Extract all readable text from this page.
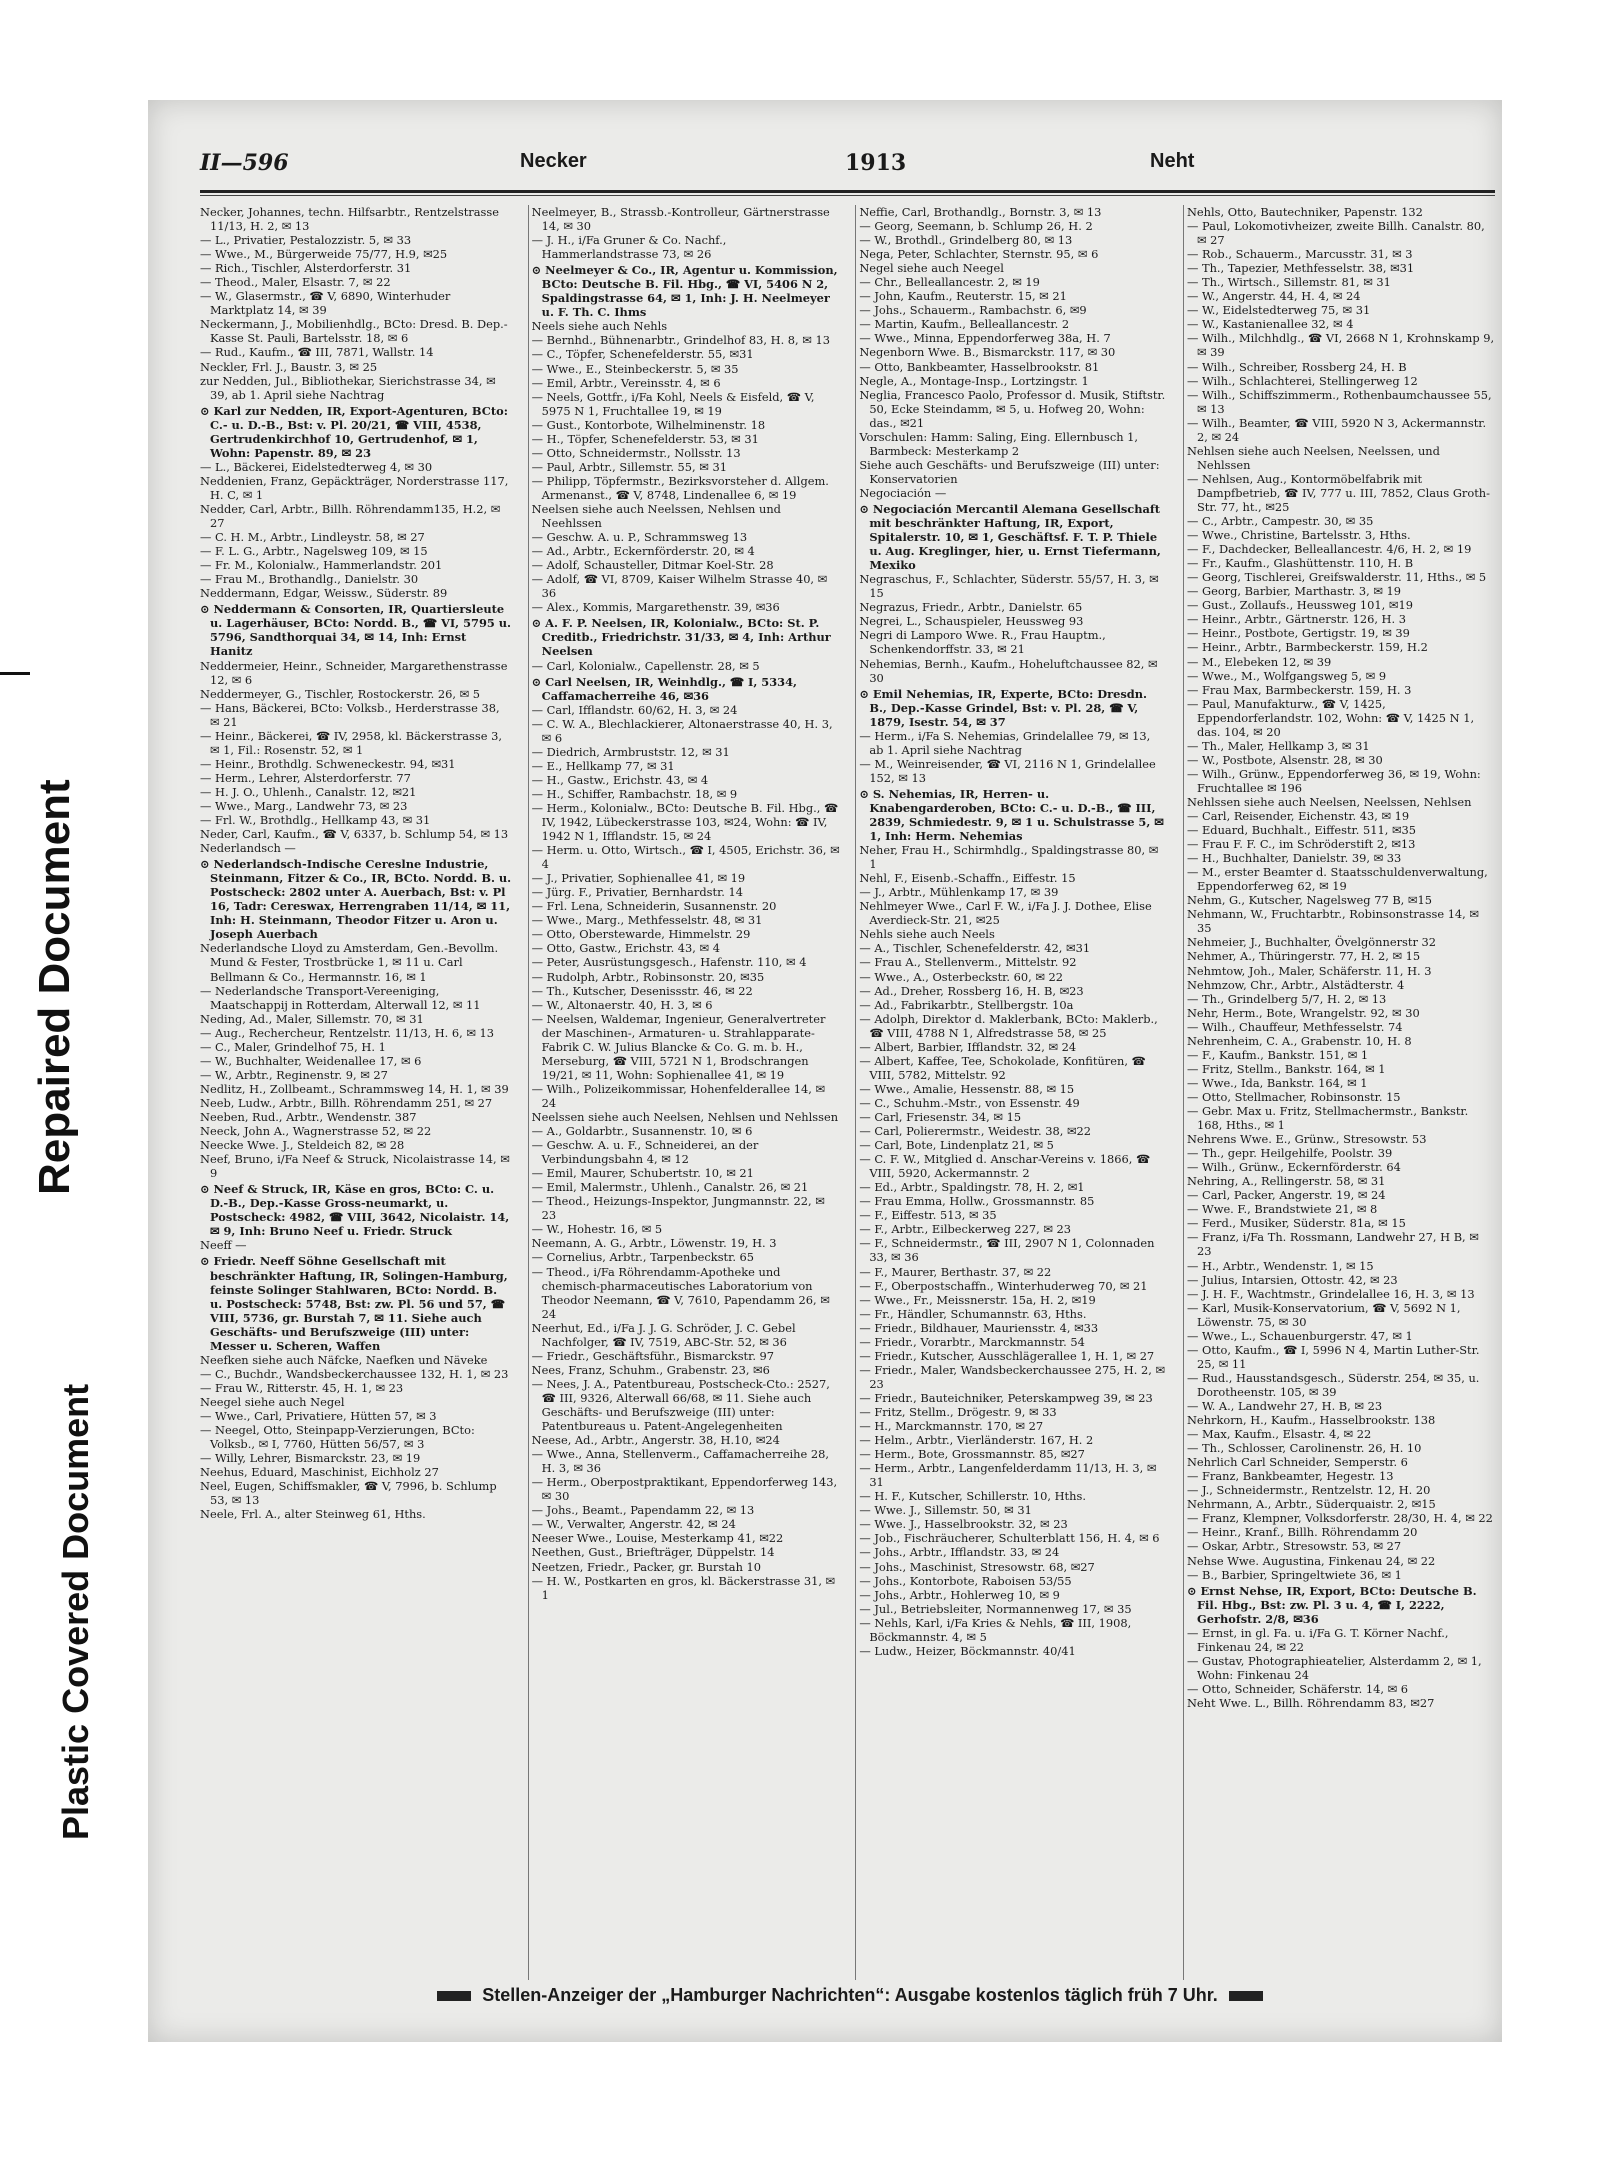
Repaired Document
Plastic Covered Document
II—596	Necker	1913	Neht

Necker, Johannes, techn. Hilfsarbtr., Rentzelstrasse 11/13, H. 2, ✉ 13

— L., Privatier, Pestalozzistr. 5, ✉ 33

— Wwe., M., Bürgerweide 75/77, H.9, ✉25

— Rich., Tischler, Alsterdorferstr. 31

— Theod., Maler, Elsastr. 7, ✉ 22

— W., Glasermstr., ☎ V, 6890, Winterhuder Marktplatz 14, ✉ 39

Neckermann, J., Mobilienhdlg., BCto: Dresd. B. Dep.-Kasse St. Pauli, Bartelsstr. 18, ✉ 6

— Rud., Kaufm., ☎ III, 7871, Wallstr. 14

Neckler, Frl. J., Baustr. 3, ✉ 25

zur Nedden, Jul., Bibliothekar, Sierichstrasse 34, ✉ 39, ab 1. April siehe Nachtrag

⊙ Karl zur Nedden, IR, Export-Agenturen, BCto: C.- u. D.-B., Bst: v. Pl. 20/21, ☎ VIII, 4538, Gertrudenkirchhof 10, Gertrudenhof, ✉ 1, Wohn: Papenstr. 89, ✉ 23

— L., Bäckerei, Eidelstedterweg 4, ✉ 30

Neddenien, Franz, Gepäckträger, Norderstrasse 117, H. C, ✉ 1

Nedder, Carl, Arbtr., Billh. Röhrendamm135, H.2, ✉ 27

— C. H. M., Arbtr., Lindleystr. 58, ✉ 27

— F. L. G., Arbtr., Nagelsweg 109, ✉ 15

— Fr. M., Kolonialw., Hammerlandstr. 201

— Frau M., Brothandlg., Danielstr. 30

Neddermann, Edgar, Weissw., Süderstr. 89

⊙ Neddermann & Consorten, IR, Quartiersleute u. Lagerhäuser, BCto: Nordd. B., ☎ VI, 5795 u. 5796, Sandthorquai 34, ✉ 14, Inh: Ernst Hanitz

Neddermeier, Heinr., Schneider, Margarethenstrasse 12, ✉ 6

Neddermeyer, G., Tischler, Rostockerstr. 26, ✉ 5

— Hans, Bäckerei, BCto: Volksb., Herderstrasse 38, ✉ 21

— Heinr., Bäckerei, ☎ IV, 2958, kl. Bäckerstrasse 3, ✉ 1, Fil.: Rosenstr. 52, ✉ 1

— Heinr., Brothdlg. Schweneckestr. 94, ✉31

— Herm., Lehrer, Alsterdorferstr. 77

— H. J. O., Uhlenh., Canalstr. 12, ✉21

— Wwe., Marg., Landwehr 73, ✉ 23

— Frl. W., Brothdlg., Hellkamp 43, ✉ 31

Neder, Carl, Kaufm., ☎ V, 6337, b. Schlump 54, ✉ 13

Nederlandsch —

⊙ Nederlandsch-Indische Cereslne Industrie, Steinmann, Fitzer & Co., IR, BCto. Nordd. B. u. Postscheck: 2802 unter A. Auerbach, Bst: v. Pl 16, Tadr: Cereswax, Herrengraben 11/14, ✉ 11, Inh: H. Steinmann, Theodor Fitzer u. Aron u. Joseph Auerbach

Nederlandsche Lloyd zu Amsterdam, Gen.-Bevollm. Mund & Fester, Trostbrücke 1, ✉ 11 u. Carl Bellmann & Co., Hermannstr. 16, ✉ 1

— Nederlandsche Transport-Vereeniging, Maatschappij in Rotterdam, Alterwall 12, ✉ 11

Neding, Ad., Maler, Sillemstr. 70, ✉ 31

— Aug., Rechercheur, Rentzelstr. 11/13, H. 6, ✉ 13

— C., Maler, Grindelhof 75, H. 1

— W., Buchhalter, Weidenallee 17, ✉ 6

— W., Arbtr., Reginenstr. 9, ✉ 27

Nedlitz, H., Zollbeamt., Schrammsweg 14, H. 1, ✉ 39

Neeb, Ludw., Arbtr., Billh. Röhrendamm 251, ✉ 27

Neeben, Rud., Arbtr., Wendenstr. 387

Neeck, John A., Wagnerstrasse 52, ✉ 22

Neecke Wwe. J., Steldeich 82, ✉ 28

Neef, Bruno, i/Fa Neef & Struck, Nicolaistrasse 14, ✉ 9

⊙ Neef & Struck, IR, Käse en gros, BCto: C. u. D.-B., Dep.-Kasse Gross-neumarkt, u. Postscheck: 4982, ☎ VIII, 3642, Nicolaistr. 14, ✉ 9, Inh: Bruno Neef u. Friedr. Struck

Neeff —

⊙ Friedr. Neeff Söhne Gesellschaft mit beschränkter Haftung, IR, Solingen-Hamburg, feinste Solinger Stahlwaren, BCto: Nordd. B. u. Postscheck: 5748, Bst: zw. Pl. 56 und 57, ☎ VIII, 5736, gr. Burstah 7, ✉ 11. Siehe auch Geschäfts- und Berufszweige (III) unter: Messer u. Scheren, Waffen

Neefken siehe auch Näfcke, Naefken und Näveke

— C., Buchdr., Wandsbeckerchaussee 132, H. 1, ✉ 23

— Frau W., Ritterstr. 45, H. 1, ✉ 23

Neegel siehe auch Negel

— Wwe., Carl, Privatiere, Hütten 57, ✉ 3

— Neegel, Otto, Steinpapp-Verzierungen, BCto: Volksb., ✉ I, 7760, Hütten 56/57, ✉ 3

— Willy, Lehrer, Bismarckstr. 23, ✉ 19

Neehus, Eduard, Maschinist, Eichholz 27

Neel, Eugen, Schiffsmakler, ☎ V, 7996, b. Schlump 53, ✉ 13

Neele, Frl. A., alter Steinweg 61, Hths.

Neelmeyer, B., Strassb.-Kontrolleur, Gärtnerstrasse 14, ✉ 30

— J. H., i/Fa Gruner & Co. Nachf., Hammerlandstrasse 73, ✉ 26

⊙ Neelmeyer & Co., IR, Agentur u. Kommission, BCto: Deutsche B. Fil. Hbg., ☎ VI, 5406 N 2, Spaldingstrasse 64, ✉ 1, Inh: J. H. Neelmeyer u. F. Th. C. Ihms

Neels siehe auch Nehls

— Bernhd., Bühnenarbtr., Grindelhof 83, H. 8, ✉ 13

— C., Töpfer, Schenefelderstr. 55, ✉31

— Wwe., E., Steinbeckerstr. 5, ✉ 35

— Emil, Arbtr., Vereinsstr. 4, ✉ 6

— Neels, Gottfr., i/Fa Kohl, Neels & Eisfeld, ☎ V, 5975 N 1, Fruchtallee 19, ✉ 19

— Gust., Kontorbote, Wilhelminenstr. 18

— H., Töpfer, Schenefelderstr. 53, ✉ 31

— Otto, Schneidermstr., Nollsstr. 13

— Paul, Arbtr., Sillemstr. 55, ✉ 31

— Philipp, Töpfermstr., Bezirksvorsteher d. Allgem. Armenanst., ☎ V, 8748, Lindenallee 6, ✉ 19

Neelsen siehe auch Neelssen, Nehlsen und Neehlssen

— Geschw. A. u. P., Schrammsweg 13

— Ad., Arbtr., Eckernförderstr. 20, ✉ 4

— Adolf, Schausteller, Ditmar Koel-Str. 28

— Adolf, ☎ VI, 8709, Kaiser Wilhelm Strasse 40, ✉ 36

— Alex., Kommis, Margarethenstr. 39, ✉36

⊙ A. F. P. Neelsen, IR, Kolonialw., BCto: St. P. Creditb., Friedrichstr. 31/33, ✉ 4, Inh: Arthur Neelsen

— Carl, Kolonialw., Capellenstr. 28, ✉ 5

⊙ Carl Neelsen, IR, Weinhdlg., ☎ I, 5334, Caffamacherreihe 46, ✉36

— Carl, Ifflandstr. 60/62, H. 3, ✉ 24

— C. W. A., Blechlackierer, Altonaerstrasse 40, H. 3, ✉ 6

— Diedrich, Armbruststr. 12, ✉ 31

— E., Hellkamp 77, ✉ 31

— H., Gastw., Erichstr. 43, ✉ 4

— H., Schiffer, Rambachstr. 18, ✉ 9

— Herm., Kolonialw., BCto: Deutsche B. Fil. Hbg., ☎ IV, 1942, Lübeckerstrasse 103, ✉24, Wohn: ☎ IV, 1942 N 1, Ifflandstr. 15, ✉ 24

— Herm. u. Otto, Wirtsch., ☎ I, 4505, Erichstr. 36, ✉ 4

— J., Privatier, Sophienallee 41, ✉ 19

— Jürg. F., Privatier, Bernhardstr. 14

— Frl. Lena, Schneiderin, Susannenstr. 20

— Wwe., Marg., Methfesselstr. 48, ✉ 31

— Otto, Oberstewarde, Himmelstr. 29

— Otto, Gastw., Erichstr. 43, ✉ 4

— Peter, Ausrüstungsgesch., Hafenstr. 110, ✉ 4

— Rudolph, Arbtr., Robinsonstr. 20, ✉35

— Th., Kutscher, Desenissstr. 46, ✉ 22

— W., Altonaerstr. 40, H. 3, ✉ 6

— Neelsen, Waldemar, Ingenieur, Generalvertreter der Maschinen-, Armaturen- u. Strahlapparate-Fabrik C. W. Julius Blancke & Co. G. m. b. H., Merseburg, ☎ VIII, 5721 N 1, Brodschrangen 19/21, ✉ 11, Wohn: Sophienallee 41, ✉ 19

— Wilh., Polizeikommissar, Hohenfelderallee 14, ✉ 24

Neelssen siehe auch Neelsen, Nehlsen und Nehlssen

— A., Goldarbtr., Susannenstr. 10, ✉ 6

— Geschw. A. u. F., Schneiderei, an der Verbindungsbahn 4, ✉ 12

— Emil, Maurer, Schubertstr. 10, ✉ 21

— Emil, Malermstr., Uhlenh., Canalstr. 26, ✉ 21

— Theod., Heizungs-Inspektor, Jungmannstr. 22, ✉ 23

— W., Hohestr. 16, ✉ 5

Neemann, A. G., Arbtr., Löwenstr. 19, H. 3

— Cornelius, Arbtr., Tarpenbeckstr. 65

— Theod., i/Fa Röhrendamm-Apotheke und chemisch-pharmaceutisches Laboratorium von Theodor Neemann, ☎ V, 7610, Papendamm 26, ✉24

Neerhut, Ed., i/Fa J. J. G. Schröder, J. C. Gebel Nachfolger, ☎ IV, 7519, ABC-Str. 52, ✉ 36

— Friedr., Geschäftsführ., Bismarckstr. 97

Nees, Franz, Schuhm., Grabenstr. 23, ✉6

— Nees, J. A., Patentbureau, Postscheck-Cto.: 2527, ☎ III, 9326, Alterwall 66/68, ✉ 11. Siehe auch Geschäfts- und Berufszweige (III) unter: Patentbureaus u. Patent-Angelegenheiten

Neese, Ad., Arbtr., Angerstr. 38, H.10, ✉24

— Wwe., Anna, Stellenverm., Caffamacherreihe 28, H. 3, ✉ 36

— Herm., Oberpostpraktikant, Eppendorferweg 143, ✉ 30

— Johs., Beamt., Papendamm 22, ✉ 13

— W., Verwalter, Angerstr. 42, ✉ 24

Neeser Wwe., Louise, Mesterkamp 41, ✉22

Neethen, Gust., Briefträger, Düppelstr. 14

Neetzen, Friedr., Packer, gr. Burstah 10

— H. W., Postkarten en gros, kl. Bäckerstrasse 31, ✉ 1

Neffie, Carl, Brothandlg., Bornstr. 3, ✉ 13

— Georg, Seemann, b. Schlump 26, H. 2

— W., Brothdl., Grindelberg 80, ✉ 13

Nega, Peter, Schlachter, Sternstr. 95, ✉ 6

Negel siehe auch Neegel

— Chr., Belleallancestr. 2, ✉ 19

— John, Kaufm., Reuterstr. 15, ✉ 21

— Johs., Schauerm., Rambachstr. 6, ✉9

— Martin, Kaufm., Belleallancestr. 2

— Wwe., Minna, Eppendorferweg 38a, H. 7

Negenborn Wwe. B., Bismarckstr. 117, ✉ 30

— Otto, Bankbeamter, Hasselbrookstr. 81

Negle, A., Montage-Insp., Lortzingstr. 1

Neglia, Francesco Paolo, Professor d. Musik, Stiftstr. 50, Ecke Steindamm, ✉ 5, u. Hofweg 20, Wohn: das., ✉21

Vorschulen: Hamm: Saling, Eing. Ellernbusch 1, Barmbeck: Mesterkamp 2

Siehe auch Geschäfts- und Berufszweige (III) unter: Konservatorien

Negociación —

⊙ Negociación Mercantil Alemana Gesellschaft mit beschränkter Haftung, IR, Export, Spitalerstr. 10, ✉ 1, Geschäftsf. F. T. P. Thiele u. Aug. Kreglinger, hier, u. Ernst Tiefermann, Mexiko

Negraschus, F., Schlachter, Süderstr. 55/57, H. 3, ✉ 15

Negrazus, Friedr., Arbtr., Danielstr. 65

Negrei, L., Schauspieler, Heussweg 93

Negri di Lamporo Wwe. R., Frau Hauptm., Schenkendorffstr. 33, ✉ 21

Nehemias, Bernh., Kaufm., Hoheluftchaussee 82, ✉ 30

⊙ Emil Nehemias, IR, Experte, BCto: Dresdn. B., Dep.-Kasse Grindel, Bst: v. Pl. 28, ☎ V, 1879, Isestr. 54, ✉ 37

— Herm., i/Fa S. Nehemias, Grindelallee 79, ✉ 13, ab 1. April siehe Nachtrag

— M., Weinreisender, ☎ VI, 2116 N 1, Grindelallee 152, ✉ 13

⊙ S. Nehemias, IR, Herren- u. Knabengarderoben, BCto: C.- u. D.-B., ☎ III, 2839, Schmiedestr. 9, ✉ 1 u. Schulstrasse 5, ✉ 1, Inh: Herm. Nehemias

Neher, Frau H., Schirmhdlg., Spaldingstrasse 80, ✉ 1

Nehl, F., Eisenb.-Schaffn., Eiffestr. 15

— J., Arbtr., Mühlenkamp 17, ✉ 39

Nehlmeyer Wwe., Carl F. W., i/Fa J. J. Dothee, Elise Averdieck-Str. 21, ✉25

Nehls siehe auch Neels

— A., Tischler, Schenefelderstr. 42, ✉31

— Frau A., Stellenverm., Mittelstr. 92

— Wwe., A., Osterbeckstr. 60, ✉ 22

— Ad., Dreher, Rossberg 16, H. B, ✉23

— Ad., Fabrikarbtr., Stellbergstr. 10a

— Adolph, Direktor d. Maklerbank, BCto: Maklerb., ☎ VIII, 4788 N 1, Alfredstrasse 58, ✉ 25

— Albert, Barbier, Ifflandstr. 32, ✉ 24

— Albert, Kaffee, Tee, Schokolade, Konfitüren, ☎ VIII, 5782, Mittelstr. 92

— Wwe., Amalie, Hessenstr. 88, ✉ 15

— C., Schuhm.-Mstr., von Essenstr. 49

— Carl, Friesenstr. 34, ✉ 15

— Carl, Polierermstr., Weidestr. 38, ✉22

— Carl, Bote, Lindenplatz 21, ✉ 5

— C. F. W., Mitglied d. Anschar-Vereins v. 1866, ☎ VIII, 5920, Ackermannstr. 2

— Ed., Arbtr., Spaldingstr. 78, H. 2, ✉1

— Frau Emma, Hollw., Grossmannstr. 85

— F., Eiffestr. 513, ✉ 35

— F., Arbtr., Eilbeckerweg 227, ✉ 23

— F., Schneidermstr., ☎ III, 2907 N 1, Colonnaden 33, ✉ 36

— F., Maurer, Berthastr. 37, ✉ 22

— F., Oberpostschaffn., Winterhuderweg 70, ✉ 21

— Wwe., Fr., Meissnerstr. 15a, H. 2, ✉19

— Fr., Händler, Schumannstr. 63, Hths.

— Friedr., Bildhauer, Mauriensstr. 4, ✉33

— Friedr., Vorarbtr., Marckmannstr. 54

— Friedr., Kutscher, Ausschlägerallee 1, H. 1, ✉ 27

— Friedr., Maler, Wandsbeckerchaussee 275, H. 2, ✉ 23

— Friedr., Bauteichniker, Peterskampweg 39, ✉ 23

— Fritz, Stellm., Drögestr. 9, ✉ 33

— H., Marckmannstr. 170, ✉ 27

— Helm., Arbtr., Vierländerstr. 167, H. 2

— Herm., Bote, Grossmannstr. 85, ✉27

— Herm., Arbtr., Langenfelderdamm 11/13, H. 3, ✉ 31

— H. F., Kutscher, Schillerstr. 10, Hths.

— Wwe. J., Sillemstr. 50, ✉ 31

— Wwe. J., Hasselbrookstr. 32, ✉ 23

— Job., Fischräucherer, Schulterblatt 156, H. 4, ✉ 6

— Johs., Arbtr., Ifflandstr. 33, ✉ 24

— Johs., Maschinist, Stresowstr. 68, ✉27

— Johs., Kontorbote, Raboisen 53/55

— Johs., Arbtr., Hohlerweg 10, ✉ 9

— Jul., Betriebsleiter, Normannenweg 17, ✉ 35

— Nehls, Karl, i/Fa Kries & Nehls, ☎ III, 1908, Böckmannstr. 4, ✉ 5

— Ludw., Heizer, Böckmannstr. 40/41

Nehls, Otto, Bautechniker, Papenstr. 132

— Paul, Lokomotivheizer, zweite Billh. Canalstr. 80, ✉ 27

— Rob., Schauerm., Marcusstr. 31, ✉ 3

— Th., Tapezier, Methfesselstr. 38, ✉31

— Th., Wirtsch., Sillemstr. 81, ✉ 31

— W., Angerstr. 44, H. 4, ✉ 24

— W., Eidelstedterweg 75, ✉ 31

— W., Kastanienallee 32, ✉ 4

— Wilh., Milchhdlg., ☎ VI, 2668 N 1, Krohnskamp 9, ✉ 39

— Wilh., Schreiber, Rossberg 24, H. B

— Wilh., Schlachterei, Stellingerweg 12

— Wilh., Schiffszimmerm., Rothenbaumchaussee 55, ✉ 13

— Wilh., Beamter, ☎ VIII, 5920 N 3, Ackermannstr. 2, ✉ 24

Nehlsen siehe auch Neelsen, Neelssen, und Nehlssen

— Nehlsen, Aug., Kontormöbelfabrik mit Dampfbetrieb, ☎ IV, 777 u. III, 7852, Claus Groth-Str. 77, ht., ✉25

— C., Arbtr., Campestr. 30, ✉ 35

— Wwe., Christine, Bartelsstr. 3, Hths.

— F., Dachdecker, Belleallancestr. 4/6, H. 2, ✉ 19

— Fr., Kaufm., Glashüttenstr. 110, H. B

— Georg, Tischlerei, Greifswalderstr. 11, Hths., ✉ 5

— Georg, Barbier, Marthastr. 3, ✉ 19

— Gust., Zollaufs., Heussweg 101, ✉19

— Heinr., Arbtr., Gärtnerstr. 126, H. 3

— Heinr., Postbote, Gertigstr. 19, ✉ 39

— Heinr., Arbtr., Barmbeckerstr. 159, H.2

— M., Elebeken 12, ✉ 39

— Wwe., M., Wolfgangsweg 5, ✉ 9

— Frau Max, Barmbeckerstr. 159, H. 3

— Paul, Manufakturw., ☎ V, 1425, Eppendorferlandstr. 102, Wohn: ☎ V, 1425 N 1, das. 104, ✉ 20

— Th., Maler, Hellkamp 3, ✉ 31

— W., Postbote, Alsenstr. 28, ✉ 30

— Wilh., Grünw., Eppendorferweg 36, ✉ 19, Wohn: Fruchtallee ✉ 196

Nehlssen siehe auch Neelsen, Neelssen, Nehlsen

— Carl, Reisender, Eichenstr. 43, ✉ 19

— Eduard, Buchhalt., Eiffestr. 511, ✉35

— Frau F. F. C., im Schröderstift 2, ✉13

— H., Buchhalter, Danielstr. 39, ✉ 33

— M., erster Beamter d. Staatsschuldenverwaltung, Eppendorferweg 62, ✉ 19

Nehm, G., Kutscher, Nagelsweg 77 B, ✉15

Nehmann, W., Fruchtarbtr., Robinsonstrasse 14, ✉ 35

Nehmeier, J., Buchhalter, Övelgönnerstr 32

Nehmer, A., Thüringerstr. 77, H. 2, ✉ 15

Nehmtow, Joh., Maler, Schäferstr. 11, H. 3

Nehmzow, Chr., Arbtr., Alstädterstr. 4

— Th., Grindelberg 5/7, H. 2, ✉ 13

Nehr, Herm., Bote, Wrangelstr. 92, ✉ 30

— Wilh., Chauffeur, Methfesselstr. 74

Nehrenheim, C. A., Grabenstr. 10, H. 8

— F., Kaufm., Bankstr. 151, ✉ 1

— Fritz, Stellm., Bankstr. 164, ✉ 1

— Wwe., Ida, Bankstr. 164, ✉ 1

— Otto, Stellmacher, Robinsonstr. 15

— Gebr. Max u. Fritz, Stellmachermstr., Bankstr. 168, Hths., ✉ 1

Nehrens Wwe. E., Grünw., Stresowstr. 53

— Th., gepr. Heilgehilfe, Poolstr. 39

— Wilh., Grünw., Eckernförderstr. 64

Nehring, A., Rellingerstr. 58, ✉ 31

— Carl, Packer, Angerstr. 19, ✉ 24

— Wwe. F., Brandstwiete 21, ✉ 8

— Ferd., Musiker, Süderstr. 81a, ✉ 15

— Franz, i/Fa Th. Rossmann, Landwehr 27, H B, ✉ 23

— H., Arbtr., Wendenstr. 1, ✉ 15

— Julius, Intarsien, Ottostr. 42, ✉ 23

— J. H. F., Wachtmstr., Grindelallee 16, H. 3, ✉ 13

— Karl, Musik-Konservatorium, ☎ V, 5692 N 1, Löwenstr. 75, ✉ 30

— Wwe., L., Schauenburgerstr. 47, ✉ 1

— Otto, Kaufm., ☎ I, 5996 N 4, Martin Luther-Str. 25, ✉ 11

— Rud., Hausstandsgesch., Süderstr. 254, ✉ 35, u. Dorotheenstr. 105, ✉ 39

— W. A., Landwehr 27, H. B, ✉ 23

Nehrkorn, H., Kaufm., Hasselbrookstr. 138

— Max, Kaufm., Elsastr. 4, ✉ 22

— Th., Schlosser, Carolinenstr. 26, H. 10

Nehrlich Carl Schneider, Semperstr. 6

— Franz, Bankbeamter, Hegestr. 13

— J., Schneidermstr., Rentzelstr. 12, H. 20

Nehrmann, A., Arbtr., Süderquaistr. 2, ✉15

— Franz, Klempner, Volksdorferstr. 28/30, H. 4, ✉ 22

— Heinr., Kranf., Billh. Röhrendamm 20

— Oskar, Arbtr., Stresowstr. 53, ✉ 27

Nehse Wwe. Augustina, Finkenau 24, ✉ 22

— B., Barbier, Springeltwiete 36, ✉ 1

⊙ Ernst Nehse, IR, Export, BCto: Deutsche B. Fil. Hbg., Bst: zw. Pl. 3 u. 4, ☎ I, 2222, Gerhofstr. 2/8, ✉36

— Ernst, in gl. Fa. u. i/Fa G. T. Körner Nachf., Finkenau 24, ✉ 22

— Gustav, Photographieatelier, Alsterdamm 2, ✉ 1, Wohn: Finkenau 24

— Otto, Schneider, Schäferstr. 14, ✉ 6

Neht Wwe. L., Billh. Röhrendamm 83, ✉27

Stellen-Anzeiger der „Hamburger Nachrichten“: Ausgabe kostenlos täglich früh 7 Uhr.
